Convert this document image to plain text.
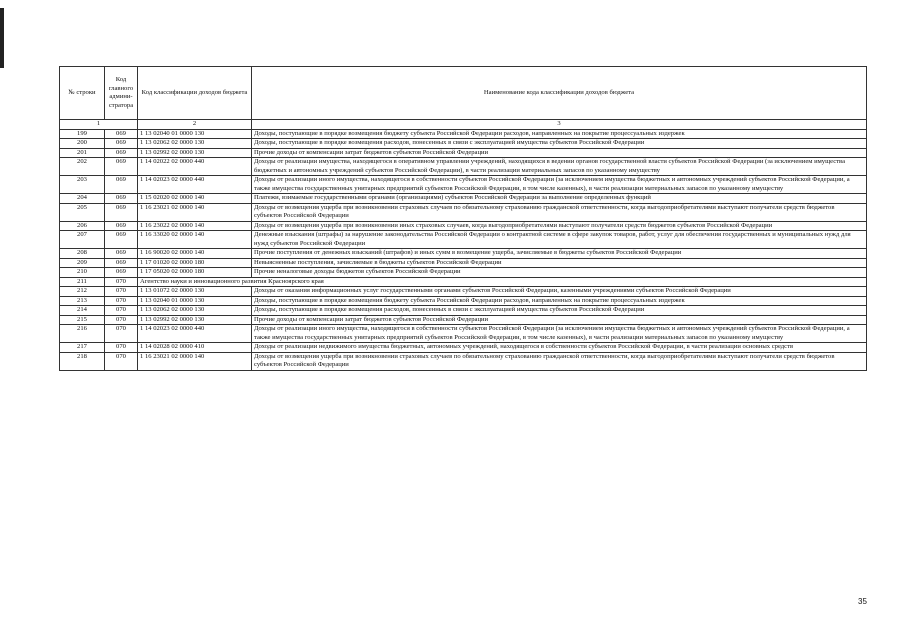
№ строки	Код главного админи-стратора	Код классификации доходов бюджета	Наименование кода классификации доходов бюджета
1		2	3
199	069	1 13 02040 01 0000 130	Доходы, поступающие в порядке возмещения бюджету субъекта Российской Федерации расходов, направленных на покрытие процессуальных издержек
200	069	1 13 02062 02 0000 130	Доходы, поступающие в порядке возмещения расходов, понесенных в связи с эксплуатацией имущества субъектов Российской Федерации
201	069	1 13 02992 02 0000 130	Прочие доходы от компенсации затрат бюджетов субъектов Российской Федерации
202	069	1 14 02022 02 0000 440	Доходы от реализации имущества, находящегося в оперативном управлении учреждений, находящихся в ведении органов государственной власти субъектов Российской Федерации (за исключением имущества бюджетных и автономных учреждений субъектов Российской Федерации), в части реализации материальных запасов по указанному имуществу
203	069	1 14 02023 02 0000 440	Доходы от реализации иного имущества, находящегося в собственности субъектов Российской Федерации (за исключением имущества бюджетных и автономных учреждений субъектов Российской Федерации, а также имущества государственных унитарных предприятий субъектов Российской Федерации, в том числе казенных), в части реализации материальных запасов по указанному имуществу
204	069	1 15 02020 02 0000 140	Платежи, взимаемые государственными органами (организациями) субъектов Российской Федерации за выполнение определенных функций
205	069	1 16 23021 02 0000 140	Доходы от возмещения ущерба при возникновении страховых случаев по обязательному страхованию гражданской ответственности, когда выгодоприобретателями выступают получатели средств бюджетов субъектов Российской Федерации
206	069	1 16 23022 02 0000 140	Доходы от возмещения ущерба при возникновении иных страховых случаев, когда выгодоприобретателями выступают получатели средств бюджетов субъектов Российской Федерации
207	069	1 16 33020 02 0000 140	Денежные взыскания (штрафы) за нарушение законодательства Российской Федерации о контрактной системе в сфере закупок товаров, работ, услуг для обеспечения государственных и муниципальных нужд для нужд субъектов Российской Федерации
208	069	1 16 90020 02 0000 140	Прочие поступления от денежных взысканий (штрафов) и иных сумм в возмещение ущерба, зачисляемые в бюджеты субъектов Российской Федерации
209	069	1 17 01020 02 0000 180	Невыясненные поступления, зачисляемые в бюджеты субъектов Российской Федерации
210	069	1 17 05020 02 0000 180	Прочие неналоговые доходы бюджетов субъектов Российской Федерации
211	070	Агентство науки и инновационного развития Красноярского края	
212	070	1 13 01072 02 0000 130	Доходы от оказания информационных услуг государственными органами субъектов Российской Федерации, казенными учреждениями субъектов Российской Федерации
213	070	1 13 02040 01 0000 130	Доходы, поступающие в порядке возмещения бюджету субъекта Российской Федерации расходов, направленных на покрытие процессуальных издержек
214	070	1 13 02062 02 0000 130	Доходы, поступающие в порядке возмещения расходов, понесенных в связи с эксплуатацией имущества субъектов Российской Федерации
215	070	1 13 02992 02 0000 130	Прочие доходы от компенсации затрат бюджетов субъектов Российской Федерации
216	070	1 14 02023 02 0000 440	Доходы от реализации иного имущества, находящегося в собственности субъектов Российской Федерации (за исключением имущества бюджетных и автономных учреждений субъектов Российской Федерации, а также имущества государственных унитарных предприятий субъектов Российской Федерации, в том числе казенных), в части реализации материальных запасов по указанному имуществу
217	070	1 14 02028 02 0000 410	Доходы от реализации недвижимого имущества бюджетных, автономных учреждений, находящегося в собственности субъектов Российской Федерации, в части реализации основных средств
218	070	1 16 23021 02 0000 140	Доходы от возмещения ущерба при возникновении страховых случаев по обязательному страхованию гражданской ответственности, когда выгодоприобретателями выступают получатели средств бюджетов субъектов Российской Федерации
35
